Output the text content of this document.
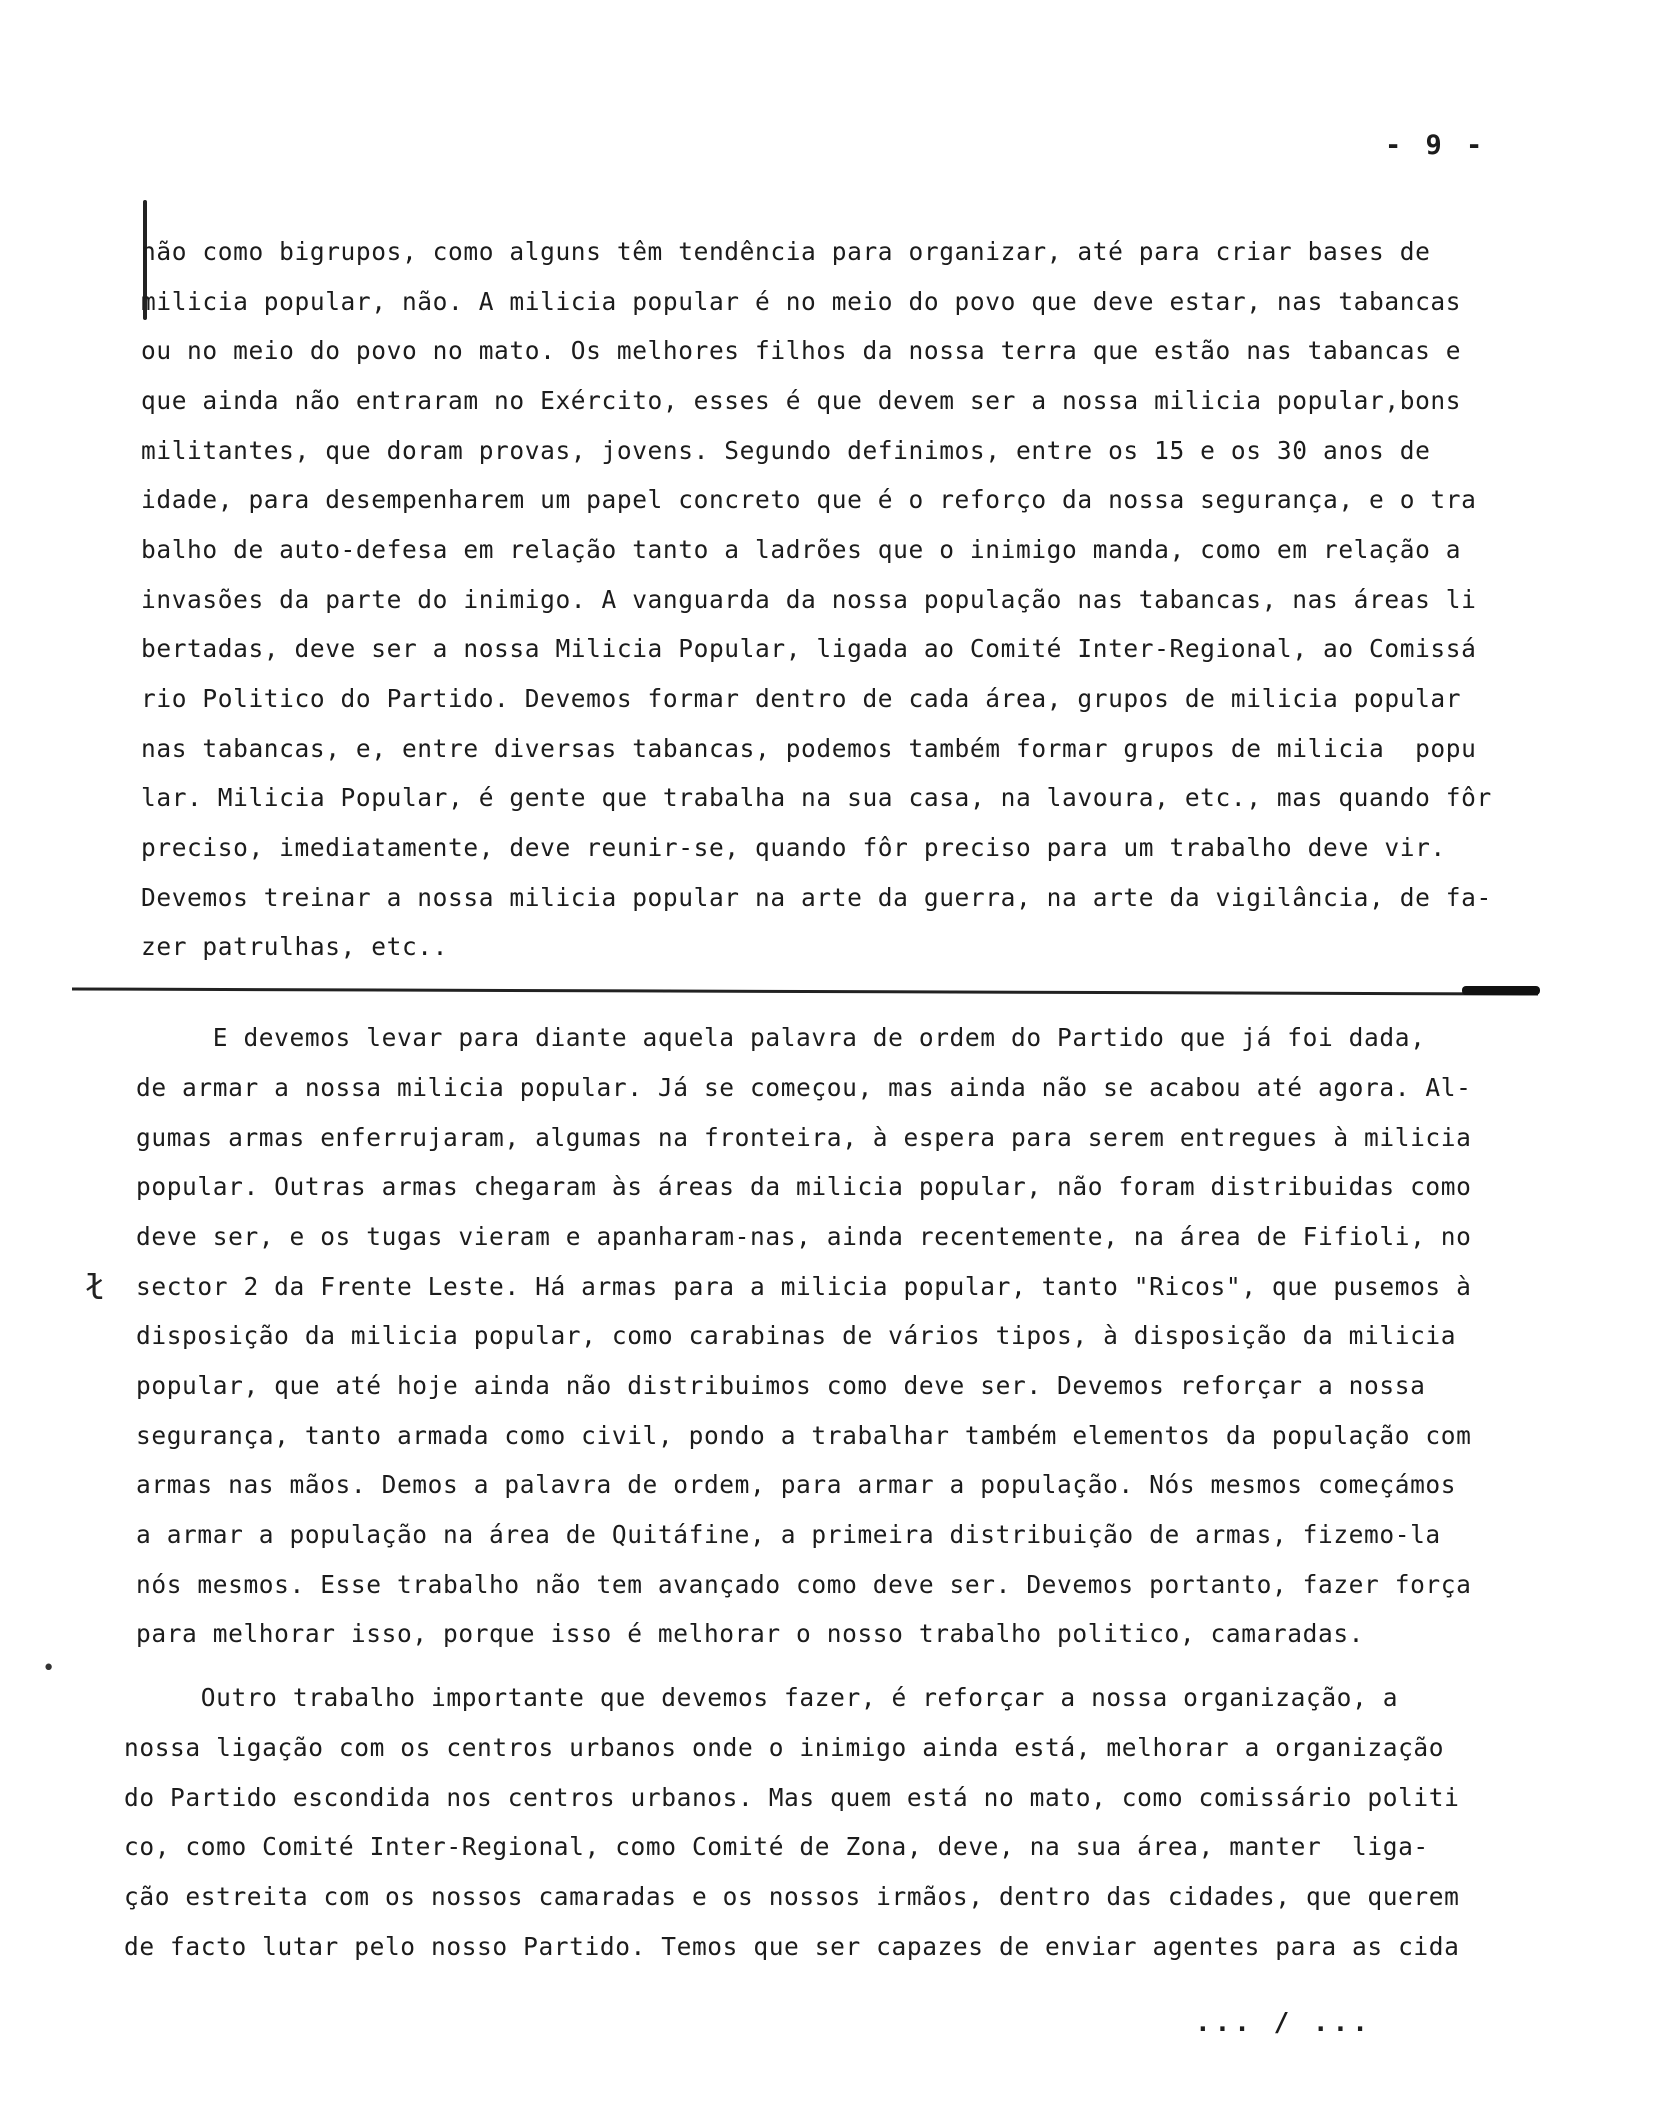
- 9 -

não como bigrupos, como alguns têm tendência para organizar, até para criar bases de

milicia popular, não. A milicia popular é no meio do povo que deve estar, nas tabancas

ou no meio do povo no mato. Os melhores filhos da nossa terra que estão nas tabancas e

que ainda não entraram no Exército, esses é que devem ser a nossa milicia popular,bons

militantes, que doram provas, jovens. Segundo definimos, entre os 15 e os 30 anos de

idade, para desempenharem um papel concreto que é o reforço da nossa segurança, e o tra

balho de auto-defesa em relação tanto a ladrões que o inimigo manda, como em relação a

invasões da parte do inimigo. A vanguarda da nossa população nas tabancas, nas áreas li

bertadas, deve ser a nossa Milicia Popular, ligada ao Comité Inter-Regional, ao Comissá

rio Politico do Partido. Devemos formar dentro de cada área, grupos de milicia popular

nas tabancas, e, entre diversas tabancas, podemos também formar grupos de milicia  popu

lar. Milicia Popular, é gente que trabalha na sua casa, na lavoura, etc., mas quando fôr

preciso, imediatamente, deve reunir-se, quando fôr preciso para um trabalho deve vir.

Devemos treinar a nossa milicia popular na arte da guerra, na arte da vigilância, de fa-

zer patrulhas, etc..

E devemos levar para diante aquela palavra de ordem do Partido que já foi dada,

de armar a nossa milicia popular. Já se começou, mas ainda não se acabou até agora. Al-

gumas armas enferrujaram, algumas na fronteira, à espera para serem entregues à milicia

popular. Outras armas chegaram às áreas da milicia popular, não foram distribuidas como

deve ser, e os tugas vieram e apanharam-nas, ainda recentemente, na área de Fifioli, no

sector 2 da Frente Leste. Há armas para a milicia popular, tanto "Ricos", que pusemos à

disposição da milicia popular, como carabinas de vários tipos, à disposição da milicia

popular, que até hoje ainda não distribuimos como deve ser. Devemos reforçar a nossa

segurança, tanto armada como civil, pondo a trabalhar também elementos da população com

armas nas mãos. Demos a palavra de ordem, para armar a população. Nós mesmos começámos

a armar a população na área de Quitáfine, a primeira distribuição de armas, fizemo-la

nós mesmos. Esse trabalho não tem avançado como deve ser. Devemos portanto, fazer força

para melhorar isso, porque isso é melhorar o nosso trabalho politico, camaradas.

ł
•

Outro trabalho importante que devemos fazer, é reforçar a nossa organização, a

nossa ligação com os centros urbanos onde o inimigo ainda está, melhorar a organização

do Partido escondida nos centros urbanos. Mas quem está no mato, como comissário politi

co, como Comité Inter-Regional, como Comité de Zona, deve, na sua área, manter  liga-

ção estreita com os nossos camaradas e os nossos irmãos, dentro das cidades, que querem

de facto lutar pelo nosso Partido. Temos que ser capazes de enviar agentes para as cida

... / ...
